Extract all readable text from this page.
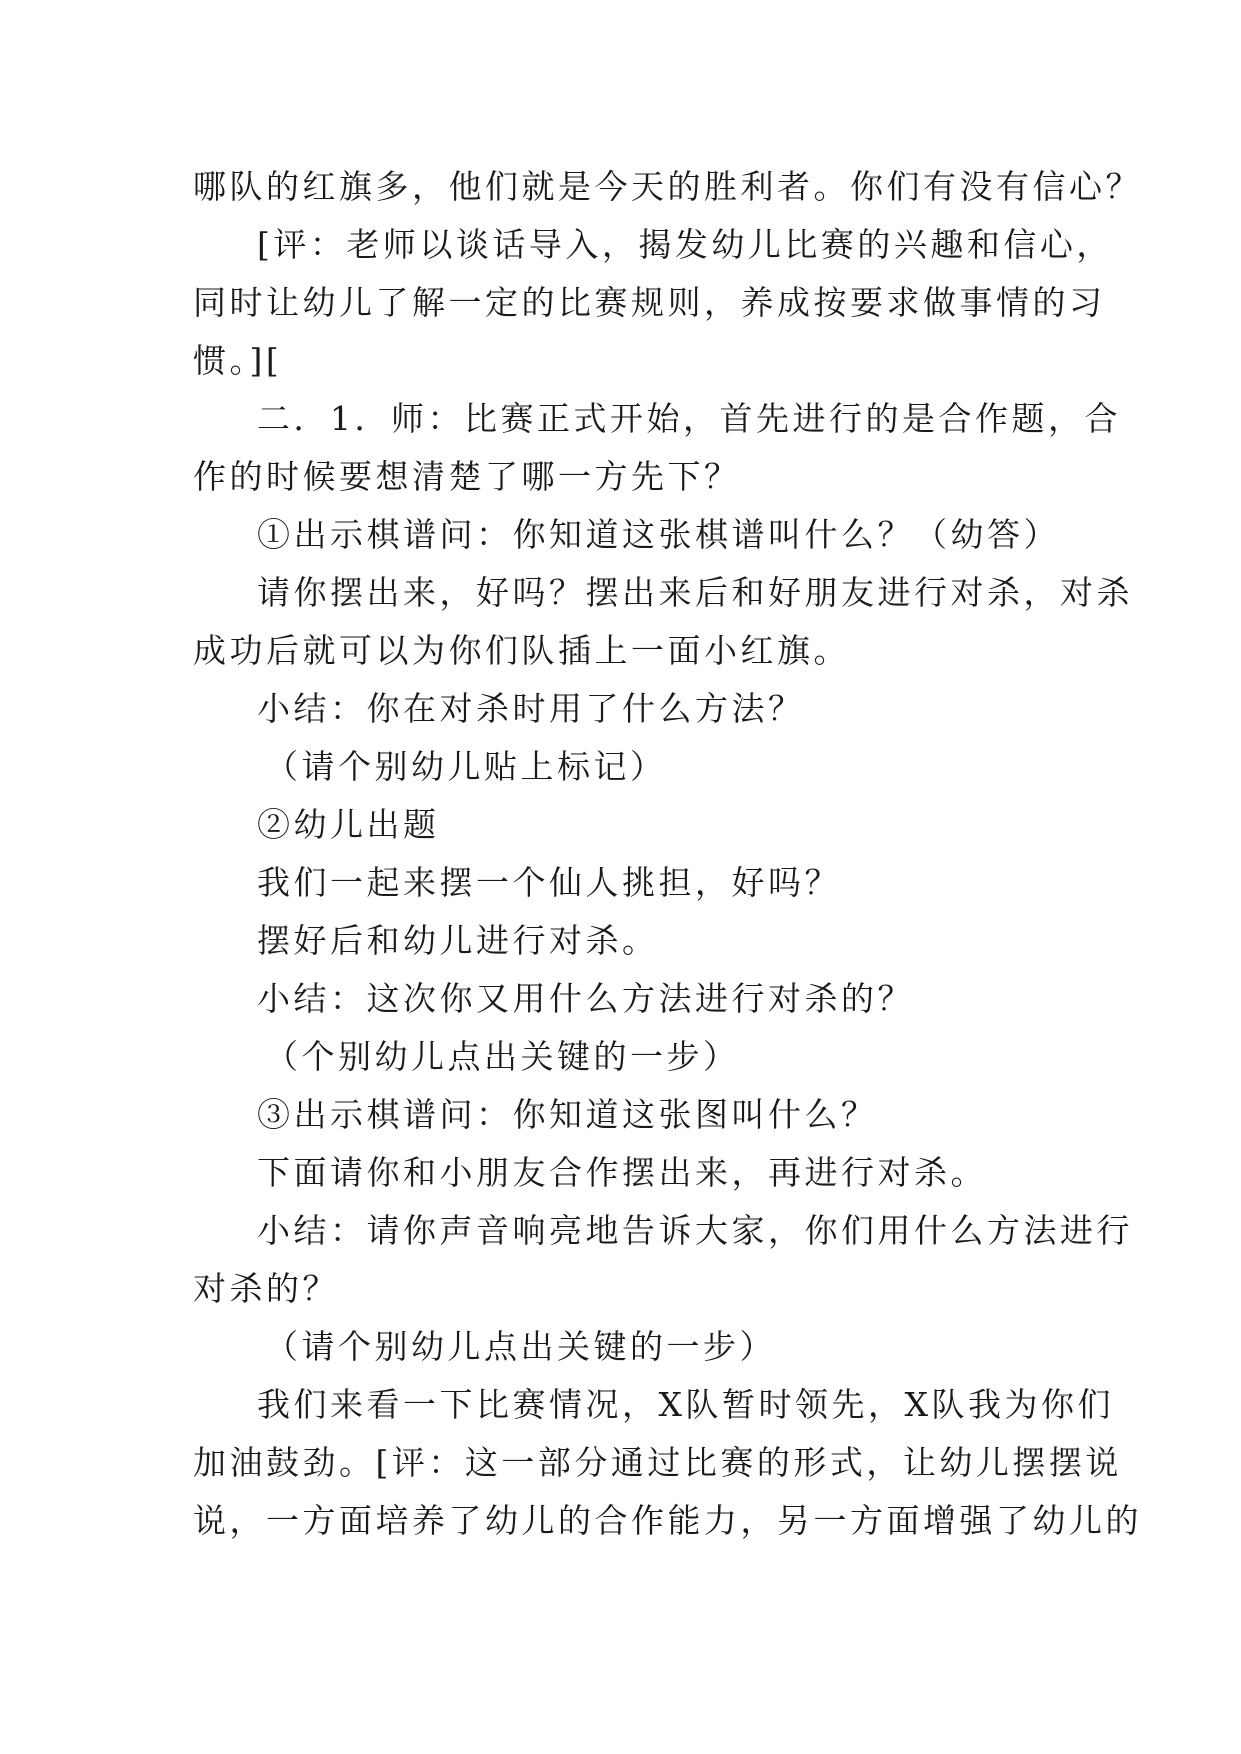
哪队的红旗多，他们就是今天的胜利者。你们有没有信心？
[评：老师以谈话导入，揭发幼儿比赛的兴趣和信心，
同时让幼儿了解一定的比赛规则，养成按要求做事情的习
惯。][
二．1．师：比赛正式开始，首先进行的是合作题，合
作的时候要想清楚了哪一方先下？
①出示棋谱问：你知道这张棋谱叫什么？（幼答）
请你摆出来，好吗？摆出来后和好朋友进行对杀，对杀
成功后就可以为你们队插上一面小红旗。
小结：你在对杀时用了什么方法？
（请个别幼儿贴上标记）
②幼儿出题
我们一起来摆一个仙人挑担，好吗？
摆好后和幼儿进行对杀。
小结：这次你又用什么方法进行对杀的？
（个别幼儿点出关键的一步）
③出示棋谱问：你知道这张图叫什么？
下面请你和小朋友合作摆出来，再进行对杀。
小结：请你声音响亮地告诉大家，你们用什么方法进行
对杀的？
（请个别幼儿点出关键的一步）
我们来看一下比赛情况，X队暂时领先，X队我为你们
加油鼓劲。[评：这一部分通过比赛的形式，让幼儿摆摆说
说，一方面培养了幼儿的合作能力，另一方面增强了幼儿的
